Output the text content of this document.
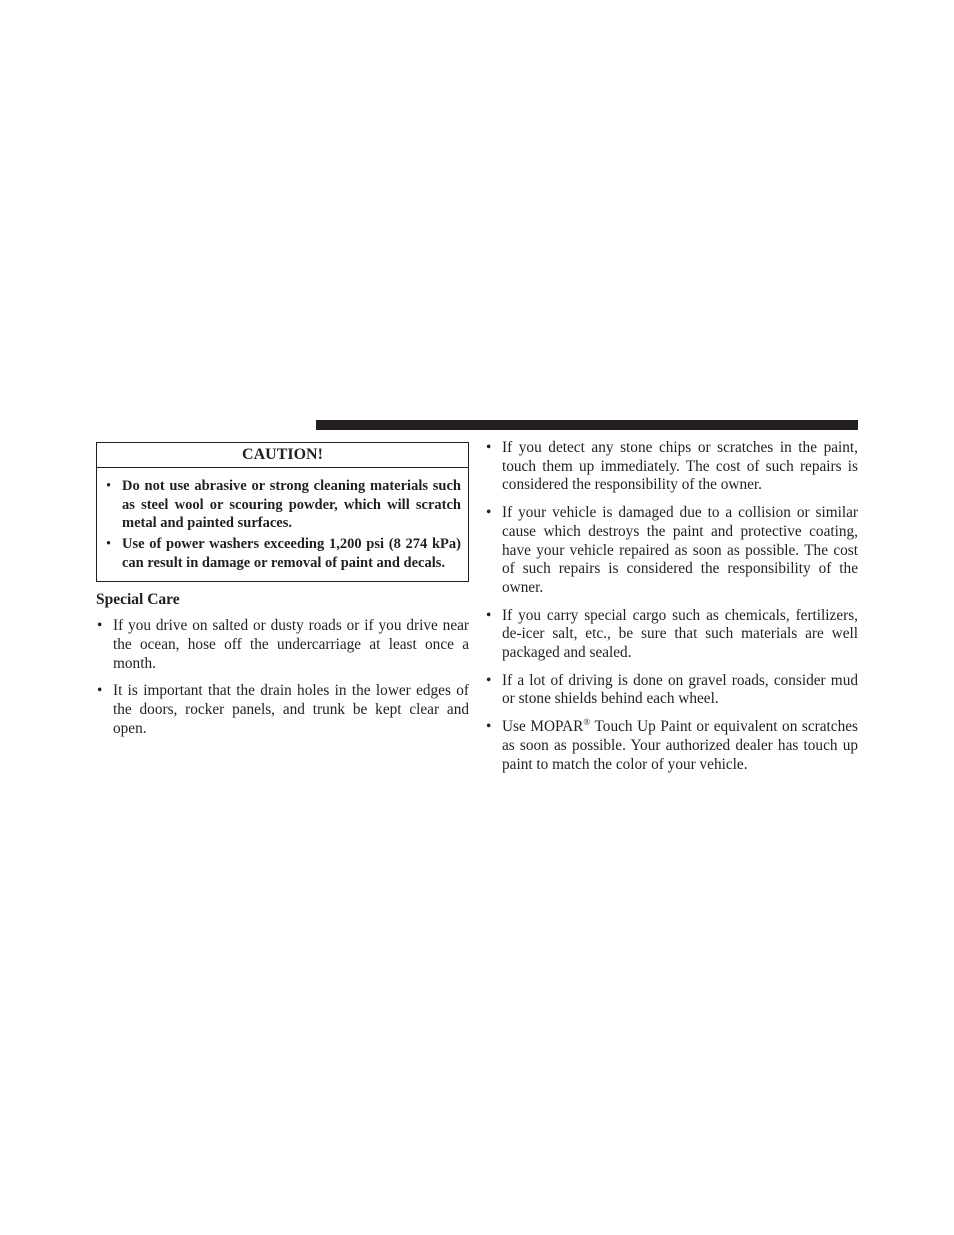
CAUTION!
• Do not use abrasive or strong cleaning materials such as steel wool or scouring powder, which will scratch metal and painted surfaces.
• Use of power washers exceeding 1,200 psi (8 274 kPa) can result in damage or removal of paint and decals.
Special Care
• If you drive on salted or dusty roads or if you drive near the ocean, hose off the undercarriage at least once a month.
• It is important that the drain holes in the lower edges of the doors, rocker panels, and trunk be kept clear and open.
• If you detect any stone chips or scratches in the paint, touch them up immediately. The cost of such repairs is considered the responsibility of the owner.
• If your vehicle is damaged due to a collision or similar cause which destroys the paint and protective coating, have your vehicle repaired as soon as possible. The cost of such repairs is considered the responsibility of the owner.
• If you carry special cargo such as chemicals, fertilizers, de-icer salt, etc., be sure that such materials are well packaged and sealed.
• If a lot of driving is done on gravel roads, consider mud or stone shields behind each wheel.
• Use MOPAR® Touch Up Paint or equivalent on scratches as soon as possible. Your authorized dealer has touch up paint to match the color of your vehicle.
